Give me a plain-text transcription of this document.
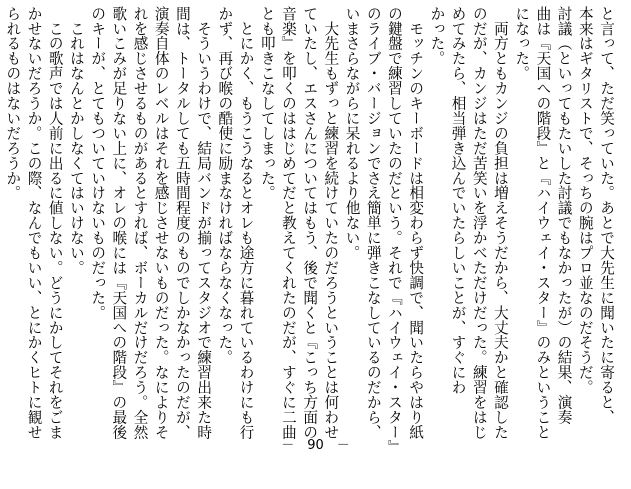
と言って、ただ笑っていた。あとで大先生に聞いたに寄ると、

本来はギタリストで、そっちの腕はプロ並なのだそうだ。

討議（といってもたいした討議でもなかったが）の結果、演奏

曲は『天国への階段』と『ハイウェイ・スター』のみということ

になった。

　両方ともカンジの負担は増えそうだから、大丈夫かと確認した

のだが、カンジはただ苦笑いを浮かべただけだった。練習をはじ

めてみたら、相当弾き込んでいたらしいことが、すぐにわ

かった。

　モッチンのキーボードは相変わらず快調で、聞いたらやはり紙

の鍵盤で練習していたのだという。それで『ハイウェイ・スター』

のライブ・バージョンでさえ簡単に弾きこなしているのだから、

いまさらながらに呆れるより他ない。

　大先生もずっと練習を続けていたのだろうということは何わせ

ていたし、エスさんについてはもう、後で聞くと『こっち方面の

音楽』を叩くのははじめてだと教えてくれたのだが、すぐに二曲

とも叩きこなしてしまった。

　とにかく、もうこうなるとオレも途方に暮れているわけにも行

かず、再び喉の酷使に励まなければならなくなった。

　そういうわけで、結局バンドが揃ってスタジオで練習出来た時

間は、トータルしても五時間程度のものでしかなかったのだが、

演奏自体のレベルはそれを感じさせないものだった。なによりそ

れを感じさせるものがあるとすれば、ボーカルだけだろう。全然

歌いこみが足りない上に、オレの喉には『天国への階段』の最後

のキーが、とてもついていけないものだった。

　これはなんとかしなくてはいけない。

　この歌声では人前に出るに値しない。どうにかしてそれをごま

かせないだろうか。この際、なんでもいい、とにかくヒトに観せ

られるものはないだろうか。

－　90　－
